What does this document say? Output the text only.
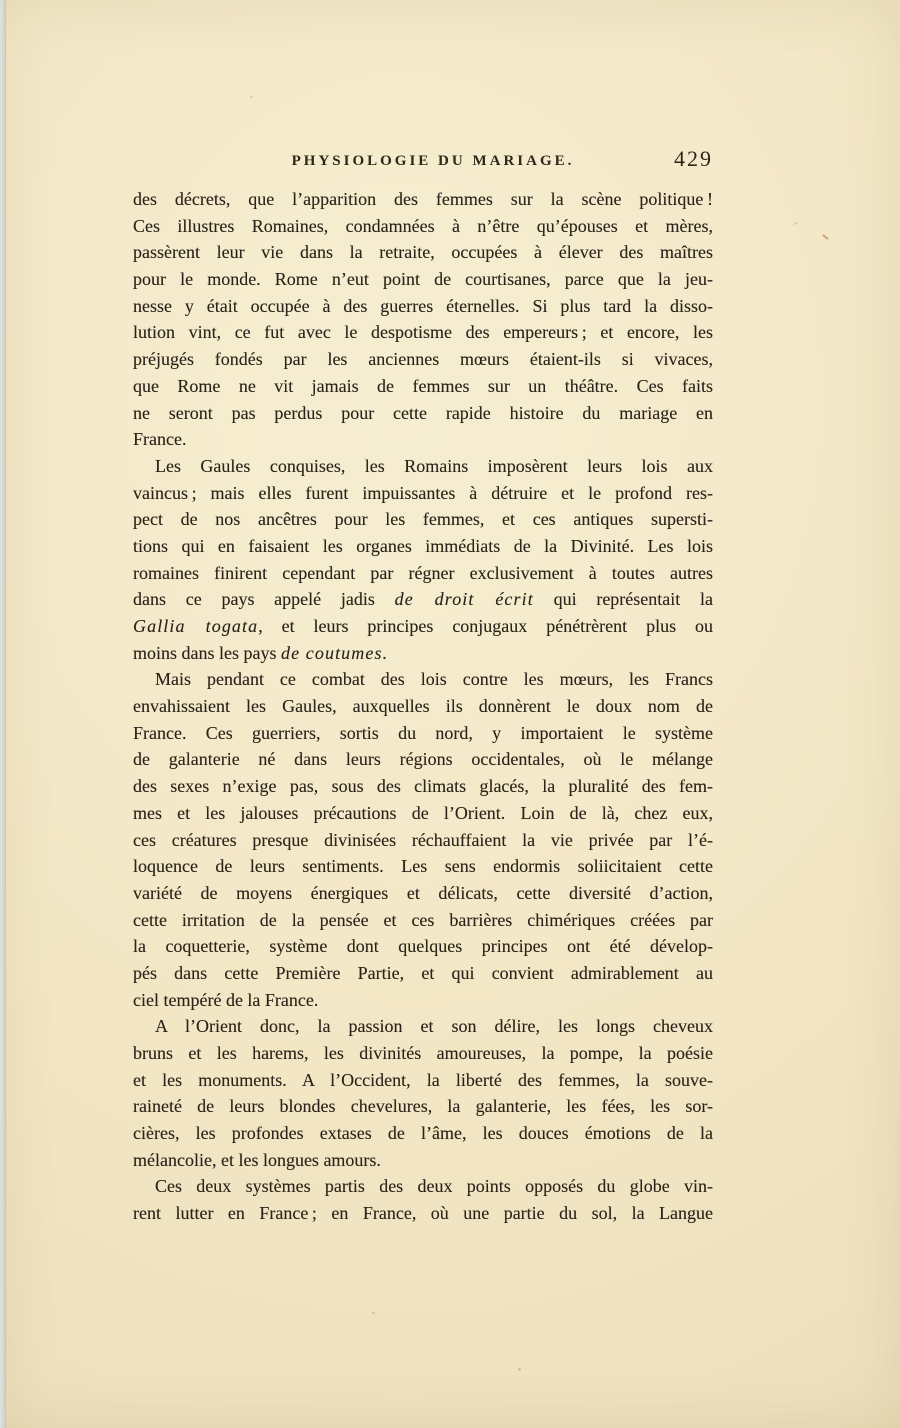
PHYSIOLOGIE DU MARIAGE.	429
des décrets, que l’apparition des femmes sur la scène politique !
Ces illustres Romaines, condamnées à n’être qu’épouses et mères,
passèrent leur vie dans la retraite, occupées à élever des maîtres
pour le monde. Rome n’eut point de courtisanes, parce que la jeu-
nesse y était occupée à des guerres éternelles. Si plus tard la disso-
lution vint, ce fut avec le despotisme des empereurs ; et encore, les
préjugés fondés par les anciennes mœurs étaient-ils si vivaces,
que Rome ne vit jamais de femmes sur un théâtre. Ces faits
ne seront pas perdus pour cette rapide histoire du mariage en
France.
Les Gaules conquises, les Romains imposèrent leurs lois aux
vaincus ; mais elles furent impuissantes à détruire et le profond res-
pect de nos ancêtres pour les femmes, et ces antiques supersti-
tions qui en faisaient les organes immédiats de la Divinité. Les lois
romaines finirent cependant par régner exclusivement à toutes autres
dans ce pays appelé jadis de droit écrit qui représentait la
Gallia togata, et leurs principes conjugaux pénétrèrent plus ou
moins dans les pays de coutumes.
Mais pendant ce combat des lois contre les mœurs, les Francs
envahissaient les Gaules, auxquelles ils donnèrent le doux nom de
France. Ces guerriers, sortis du nord, y importaient le système
de galanterie né dans leurs régions occidentales, où le mélange
des sexes n’exige pas, sous des climats glacés, la pluralité des fem-
mes et les jalouses précautions de l’Orient. Loin de là, chez eux,
ces créatures presque divinisées réchauffaient la vie privée par l’é-
loquence de leurs sentiments. Les sens endormis soliicitaient cette
variété de moyens énergiques et délicats, cette diversité d’action,
cette irritation de la pensée et ces barrières chimériques créées par
la coquetterie, système dont quelques principes ont été dévelop-
pés dans cette Première Partie, et qui convient admirablement au
ciel tempéré de la France.
A l’Orient donc, la passion et son délire, les longs cheveux
bruns et les harems, les divinités amoureuses, la pompe, la poésie
et les monuments. A l’Occident, la liberté des femmes, la souve-
raineté de leurs blondes chevelures, la galanterie, les fées, les sor-
cières, les profondes extases de l’âme, les douces émotions de la
mélancolie, et les longues amours.
Ces deux systèmes partis des deux points opposés du globe vin-
rent lutter en France ; en France, où une partie du sol, la Langue
